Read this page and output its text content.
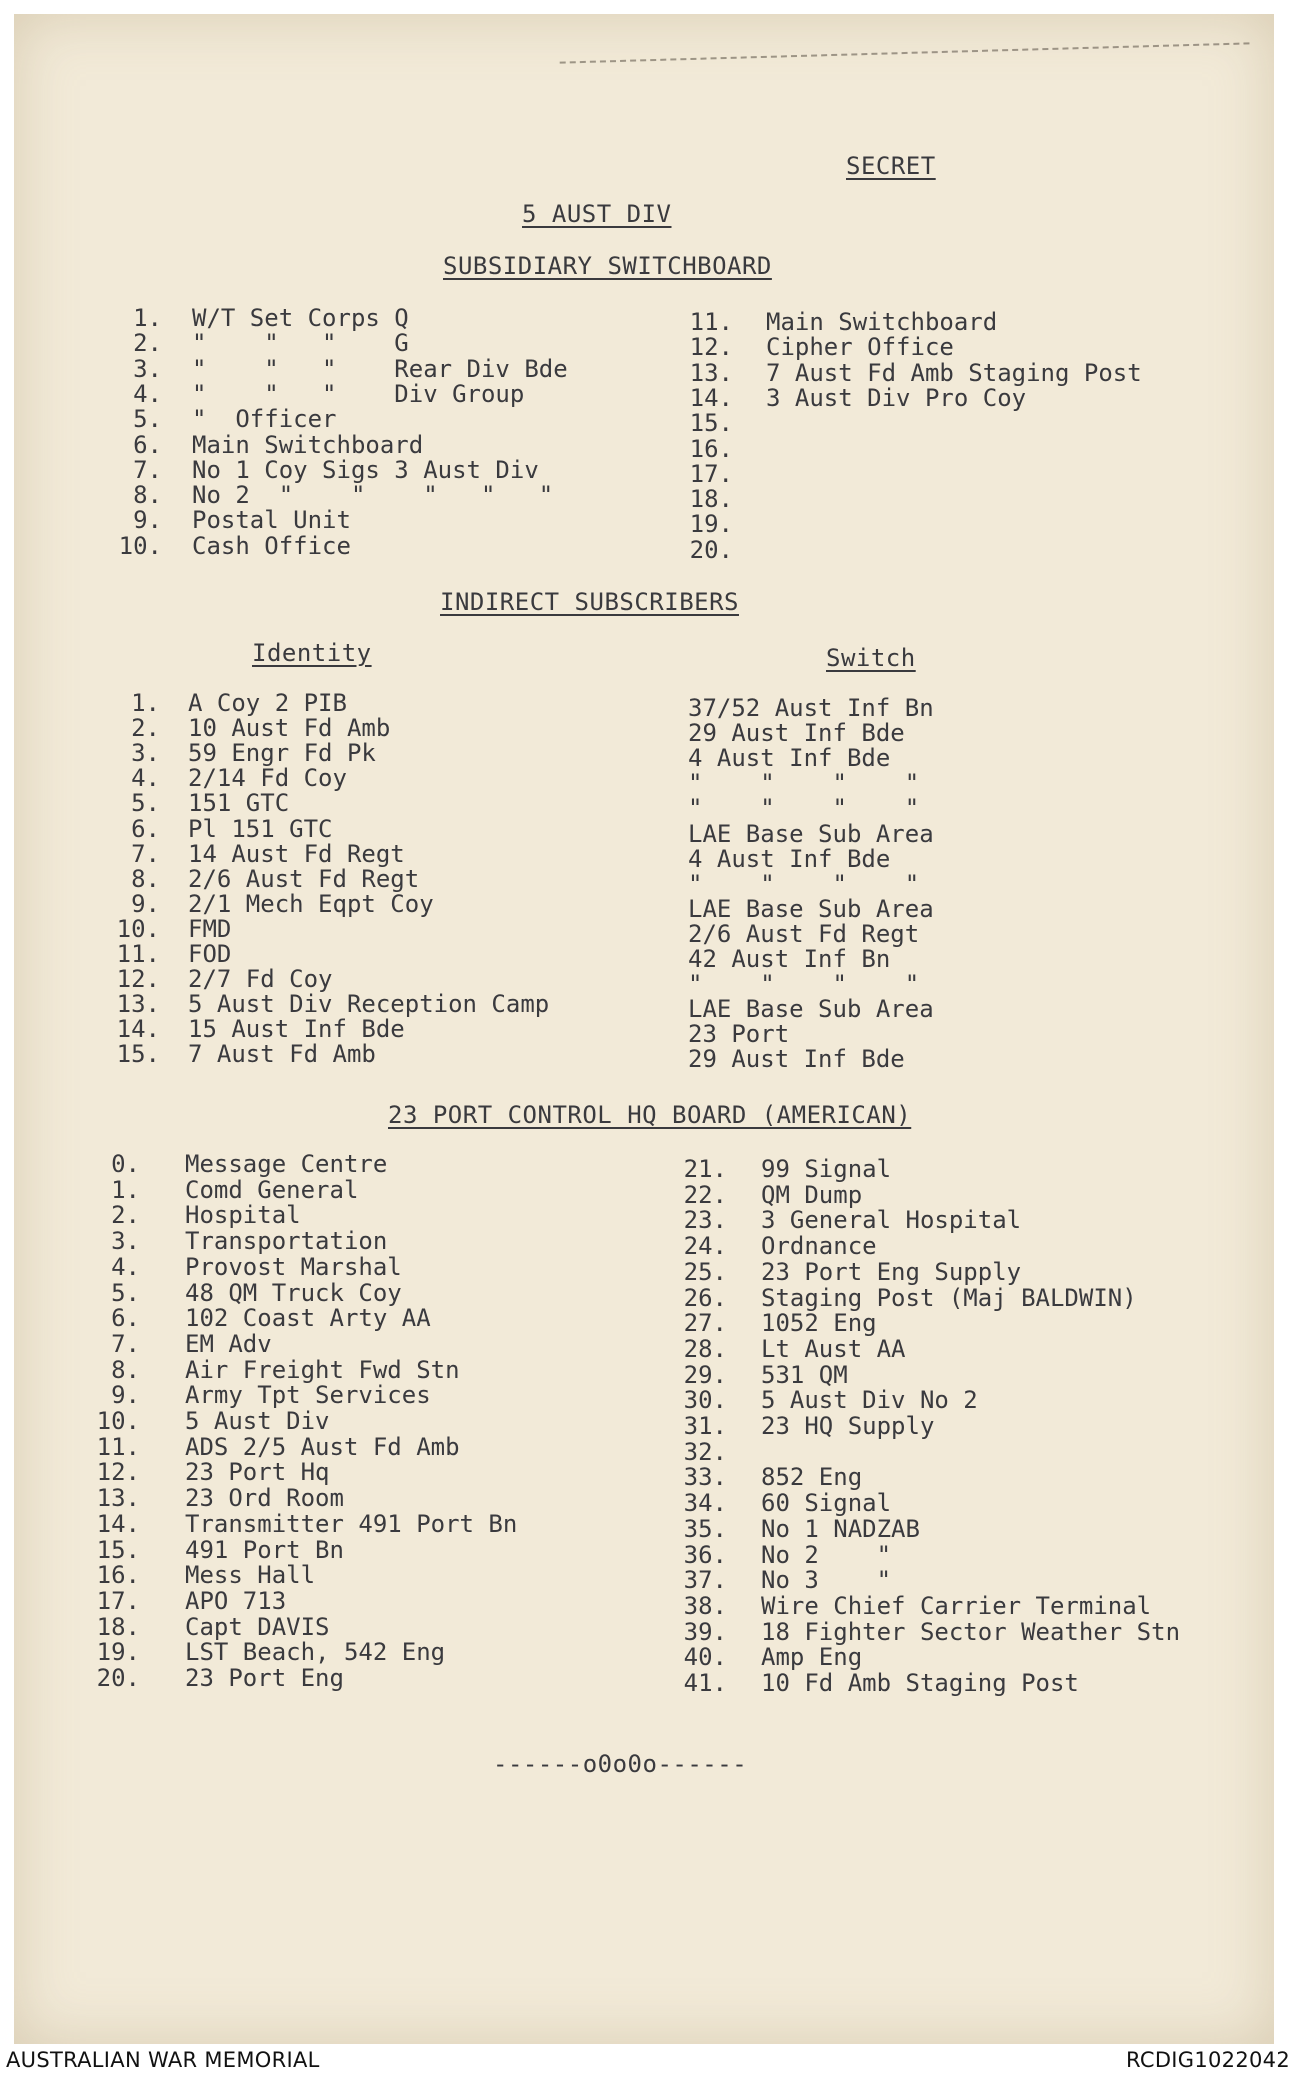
SECRET
5 AUST DIV
SUBSIDIARY SWITCHBOARD
INDIRECT SUBSCRIBERS
Identity	Switch
23 PORT CONTROL HQ BOARD (AMERICAN)
------o0o0o------
AUSTRALIAN WAR MEMORIAL	RCDIG1022042
1. W/T Set Corps Q
2. "    "   "    G
3. "    "   "    Rear Div Bde
4. "    "   "    Div Group
5. "  Officer
6. Main Switchboard
7. No 1 Coy Sigs 3 Aust Div
8. No 2  "    "    "   "   "
9. Postal Unit
10. Cash Office
11. Main Switchboard
12. Cipher Office
13. 7 Aust Fd Amb Staging Post
14. 3 Aust Div Pro Coy
15.
16.
17.
18.
19.
20.
1. A Coy 2 PIB	37/52 Aust Inf Bn
2. 10 Aust Fd Amb	29 Aust Inf Bde
3. 59 Engr Fd Pk	4 Aust Inf Bde
4. 2/14 Fd Coy	"    "    "    "
5. 151 GTC	"    "    "    "
6. Pl 151 GTC	LAE Base Sub Area
7. 14 Aust Fd Regt	4 Aust Inf Bde
8. 2/6 Aust Fd Regt	"    "    "    "
9. 2/1 Mech Eqpt Coy	LAE Base Sub Area
10. FMD	2/6 Aust Fd Regt
11. FOD	42 Aust Inf Bn
12. 2/7 Fd Coy	"    "    "    "
13. 5 Aust Div Reception Camp	LAE Base Sub Area
14. 15 Aust Inf Bde	23 Port
15. 7 Aust Fd Amb	29 Aust Inf Bde
0. Message Centre
1. Comd General
2. Hospital
3. Transportation
4. Provost Marshal
5. 48 QM Truck Coy
6. 102 Coast Arty AA
7. EM Adv
8. Air Freight Fwd Stn
9. Army Tpt Services
10. 5 Aust Div
11. ADS 2/5 Aust Fd Amb
12. 23 Port Hq
13. 23 Ord Room
14. Transmitter 491 Port Bn
15. 491 Port Bn
16. Mess Hall
17. APO 713
18. Capt DAVIS
19. LST Beach, 542 Eng
20. 23 Port Eng
21. 99 Signal
22. QM Dump
23. 3 General Hospital
24. Ordnance
25. 23 Port Eng Supply
26. Staging Post (Maj BALDWIN)
27. 1052 Eng
28. Lt Aust AA
29. 531 QM
30. 5 Aust Div No 2
31. 23 HQ Supply
32.
33. 852 Eng
34. 60 Signal
35. No 1 NADZAB
36. No 2    "
37. No 3    "
38. Wire Chief Carrier Terminal
39. 18 Fighter Sector Weather Stn
40. Amp Eng
41. 10 Fd Amb Staging Post
